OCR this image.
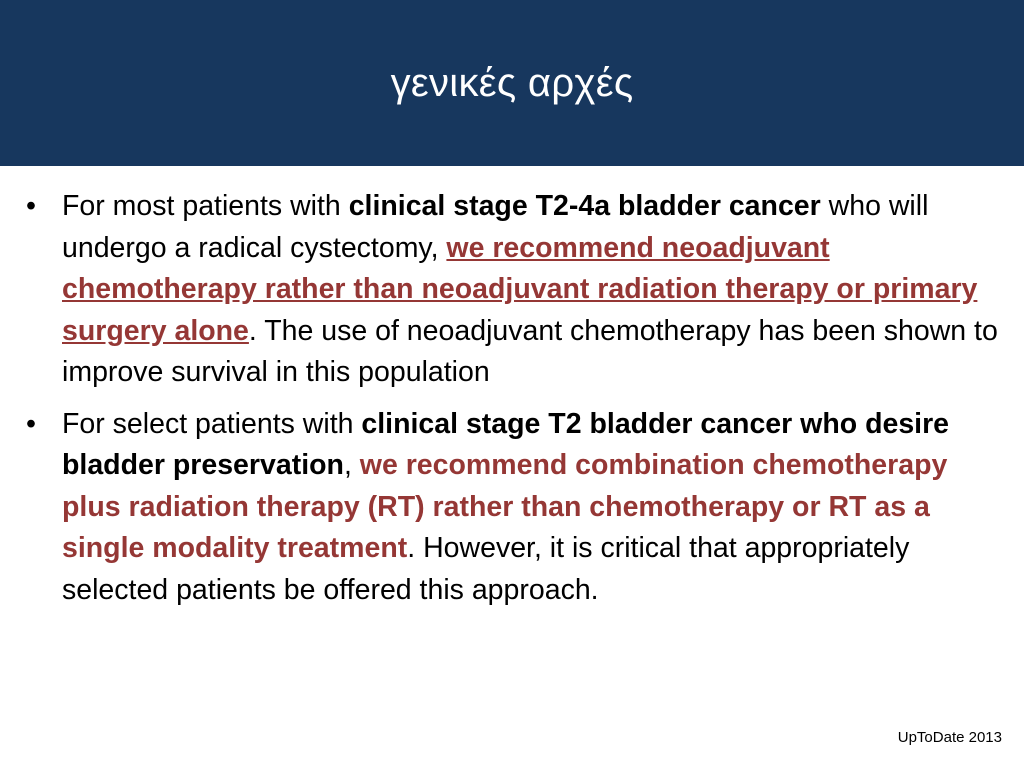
γενικές αρχές
• For most patients with clinical stage T2-4a bladder cancer who will undergo a radical cystectomy, we recommend neoadjuvant chemotherapy rather than neoadjuvant radiation therapy or primary surgery alone. The use of neoadjuvant chemotherapy has been shown to improve survival in this population
• For select patients with clinical stage T2 bladder cancer who desire bladder preservation, we recommend combination chemotherapy plus radiation therapy (RT) rather than chemotherapy or RT as a single modality treatment. However, it is critical that appropriately selected patients be offered this approach.
UpToDate 2013
